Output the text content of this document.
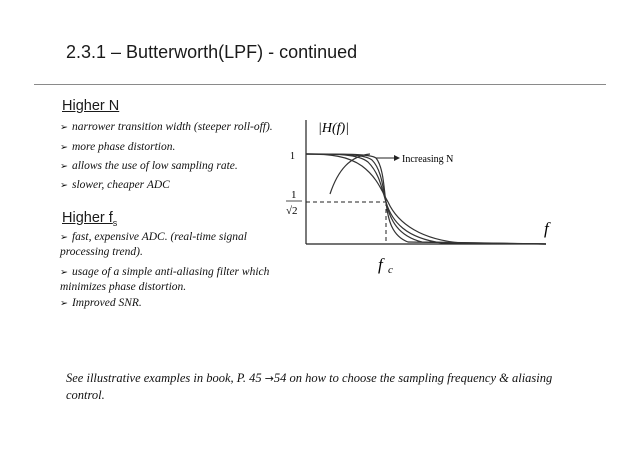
2.3.1 – Butterworth(LPF) - continued
Higher N
➢ narrower transition width (steeper roll-off).
➢ more phase distortion.
➢ allows the use of low sampling rate.
➢ slower, cheaper ADC
Higher $f_s$
➢ fast, expensive ADC. (real-time signal processing trend).
➢ usage of a simple anti-aliasing filter which minimizes phase distortion.
➢ Improved SNR.
Increasing N
|H(f)|
1
1
√2
f
f c
See illustrative examples in book, P. 45 →54 on how to choose the sampling frequency & aliasing control.
